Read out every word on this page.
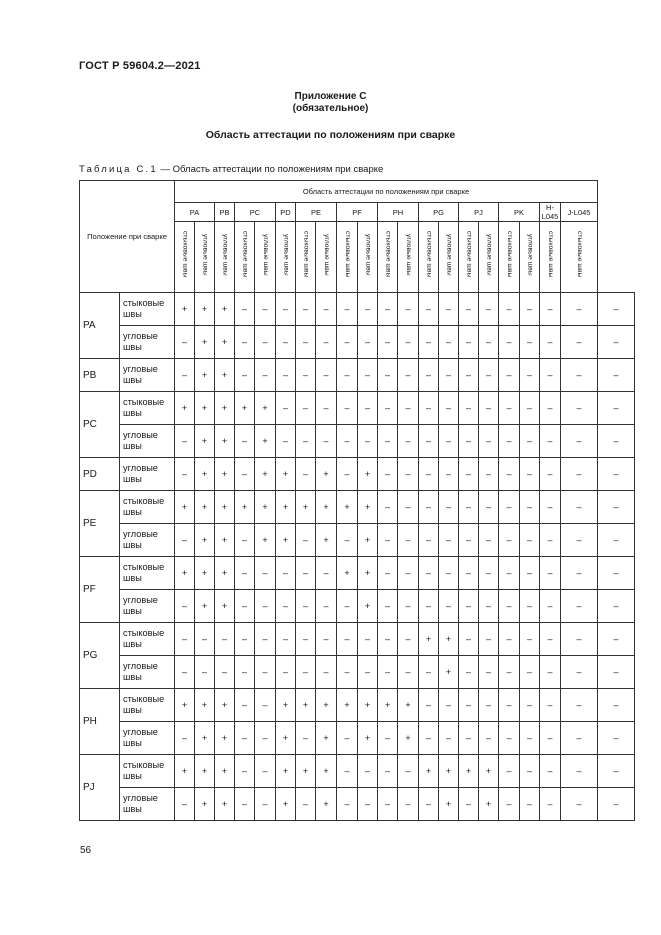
ГОСТ Р 59604.2—2021
Приложение С
(обязательное)
Область аттестации по положениям при сварке
Таблица С.1 — Область аттестации по положениям при сварке
Положение при сварке		Область аттестации по положениям при сварке																				
		PA		PB	PC		PD	PE		PF		PH		PG		PJ		PK		H-L045	J-L045	
		стыковые швы	угловые швы	угловые швы	стыковые швы	угловые швы	угловые швы	стыковые швы	угловые швы	стыковые швы	угловые швы	стыковые швы	угловые швы	стыковые швы	угловые швы	стыковые швы	угловые швы	стыковые швы	угловые швы	стыковые швы	стыковые швы	
PA	стыковые швы	+	+	+	–	–	–	–	–	–	–	–	–	–	–	–	–	–	–	–	–	–
	угловые швы	–	+	+	–	–	–	–	–	–	–	–	–	–	–	–	–	–	–	–	–	–
PB	угловые швы	–	+	+	–	–	–	–	–	–	–	–	–	–	–	–	–	–	–	–	–	–
PC	стыковые швы	+	+	+	+	+	–	–	–	–	–	–	–	–	–	–	–	–	–	–	–	–
	угловые швы	–	+	+	–	+	–	–	–	–	–	–	–	–	–	–	–	–	–	–	–	–
PD	угловые швы	–	+	+	–	+	+	–	+	–	+	–	–	–	–	–	–	–	–	–	–	–
PE	стыковые швы	+	+	+	+	+	+	+	+	+	+	–	–	–	–	–	–	–	–	–	–	–
	угловые швы	–	+	+	–	+	+	–	+	–	+	–	–	–	–	–	–	–	–	–	–	–
PF	стыковые швы	+	+	+	–	–	–	–	–	+	+	–	–	–	–	–	–	–	–	–	–	–
	угловые швы	–	+	+	–	–	–	–	–	–	+	–	–	–	–	–	–	–	–	–	–	–
PG	стыковые швы	–	–	–	–	–	–	–	–	–	–	–	–	+	+	–	–	–	–	–	–	–
	угловые швы	–	–	–	–	–	–	–	–	–	–	–	–	–	+	–	–	–	–	–	–	–
PH	стыковые швы	+	+	+	–	–	+	+	+	+	+	+	+	–	–	–	–	–	–	–	–	–
	угловые швы	–	+	+	–	–	+	–	+	–	+	–	+	–	–	–	–	–	–	–	–	–
PJ	стыковые швы	+	+	+	–	–	+	+	+	–	–	–	–	+	+	+	+	–	–	–	–	–
	угловые швы	–	+	+	–	–	+	–	+	–	–	–	–	–	+	–	+	–	–	–	–	–
56
